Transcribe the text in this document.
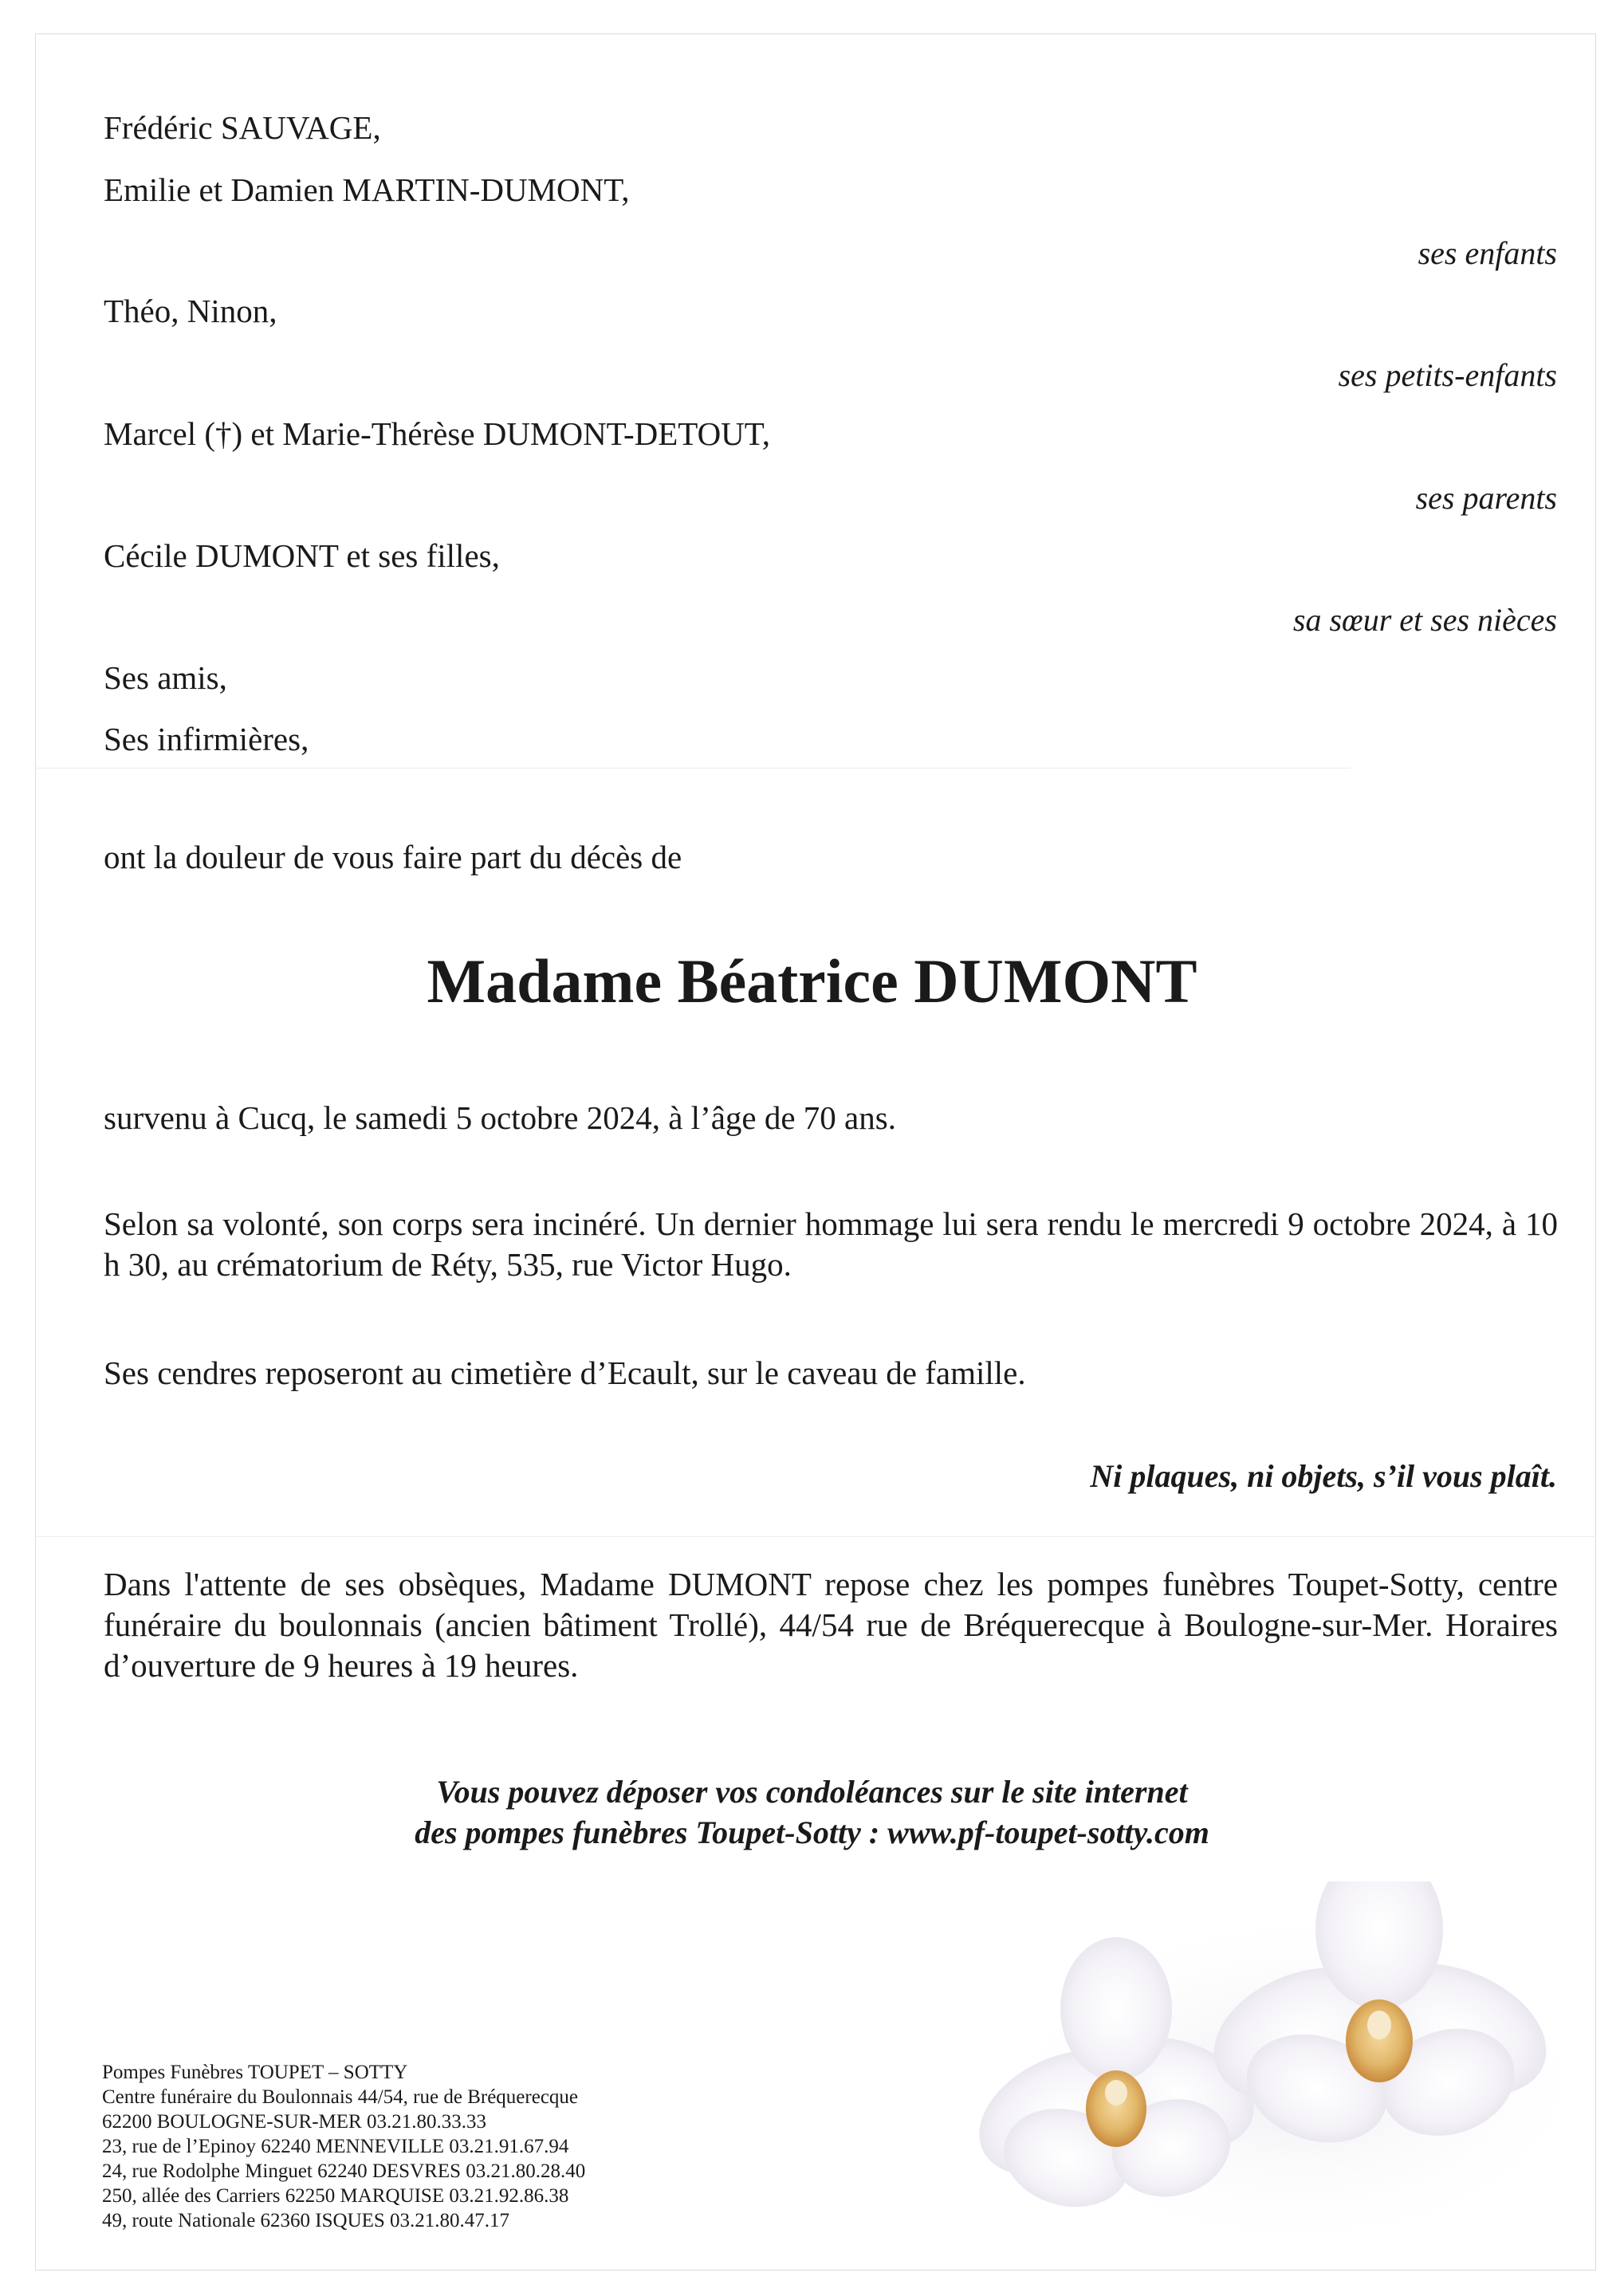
Frédéric SAUVAGE,
Emilie et Damien MARTIN-DUMONT,
ses enfants
Théo, Ninon,
ses petits-enfants
Marcel (†) et Marie-Thérèse DUMONT-DETOUT,
ses parents
Cécile DUMONT et ses filles,
sa sœur et ses nièces
Ses amis,
Ses infirmières,
ont la douleur de vous faire part du décès de
Madame Béatrice DUMONT
survenu à Cucq, le samedi 5 octobre 2024, à l’âge de 70 ans.
Selon sa volonté, son corps sera incinéré. Un dernier hommage lui sera rendu le mercredi 9 octobre 2024, à 10 h 30, au crématorium de Réty, 535, rue Victor Hugo.
Ses cendres reposeront au cimetière d’Ecault, sur le caveau de famille.
Ni plaques, ni objets, s’il vous plaît.
Dans l'attente de ses obsèques, Madame DUMONT repose chez les pompes funèbres Toupet-Sotty, centre funéraire du boulonnais (ancien bâtiment Trollé), 44/54 rue de Bréquerecque à Boulogne-sur-Mer. Horaires d’ouverture de 9 heures à 19 heures.
Vous pouvez déposer vos condoléances sur le site internet
des pompes funèbres Toupet-Sotty : www.pf-toupet-sotty.com
Pompes Funèbres TOUPET – SOTTY
Centre funéraire du Boulonnais 44/54, rue de Bréquerecque
62200 BOULOGNE-SUR-MER 03.21.80.33.33
23, rue de l’Epinoy 62240 MENNEVILLE 03.21.91.67.94
24, rue Rodolphe Minguet 62240 DESVRES 03.21.80.28.40
250, allée des Carriers 62250 MARQUISE 03.21.92.86.38
49, route Nationale 62360 ISQUES 03.21.80.47.17
